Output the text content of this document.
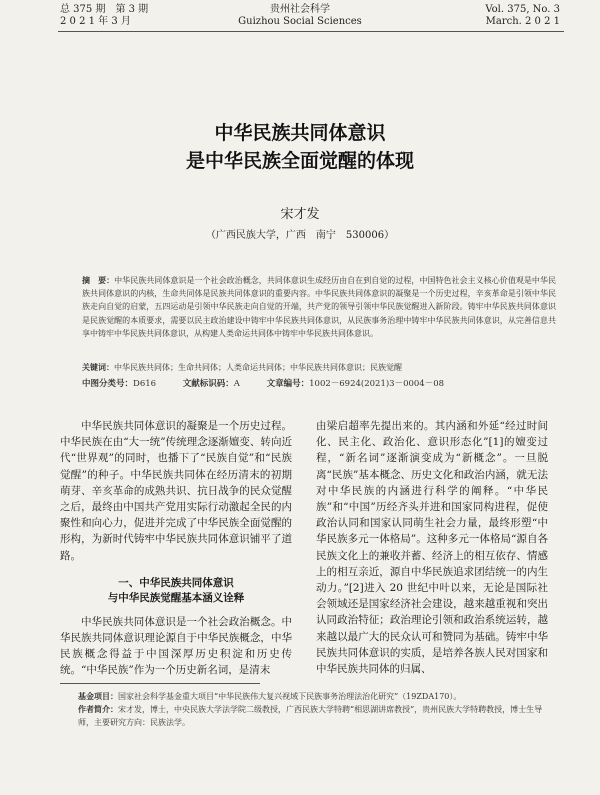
总 375 期　第 3 期
2 0 2 1 年 3 月
贵州社会科学
Guizhou Social Sciences
Vol. 375, No. 3
March. 2 0 2 1
中华民族共同体意识
是中华民族全面觉醒的体现
宋才发
（广西民族大学，广西　南宁　530006）

摘　要：中华民族共同体意识是一个社会政治概念，共同体意识生成经历由自在到自觉的过程，中国特色社会主义核心价值观是中华民族共同体意识的内核，生命共同体是民族共同体意识的重要内容。中华民族共同体意识的凝聚是一个历史过程，辛亥革命是引领中华民族走向自觉的启蒙，五四运动是引领中华民族走向自觉的开端，共产党的领导引领中华民族觉醒进入新阶段。铸牢中华民族共同体意识是民族觉醒的本质要求，需要以民主政治建设中铸牢中华民族共同体意识，从民族事务治理中铸牢中华民族共同体意识，从完善信息共享中铸牢中华民族共同体意识，从构建人类命运共同体中铸牢中华民族共同体意识。

关键词：中华民族共同体；生命共同体；人类命运共同体；中华民族共同体意识；民族觉醒
中图分类号：D616	文献标识码：A	文章编号：1002－6924(2021)3－0004－08

中华民族共同体意识的凝聚是一个历史过程。中华民族在由“大一统”传统理念逐渐嬗变、转向近代“世界观”的同时，也播下了“民族自觉”和“民族觉醒”的种子。中华民族共同体在经历清末的初期萌芽、辛亥革命的成熟共识、抗日战争的民众觉醒之后，最终由中国共产党用实际行动激起全民的内聚性和向心力，促进并完成了中华民族全面觉醒的形构，为新时代铸牢中华民族共同体意识铺平了道路。

一、中华民族共同体意识
与中华民族觉醒基本涵义诠释

中华民族共同体意识是一个社会政治概念。中华民族共同体意识理论源自于中华民族概念，中华民族概念得益于中国深厚历史积淀和历史传统。“中华民族”作为一个历史新名词，是清末

由梁启超率先提出来的。其内涵和外延“经过时间化、民主化、政治化、意识形态化”[1]的嬗变过程，“新名词”逐渐演变成为“新概念”。一旦脱离“民族”基本概念、历史文化和政治内涵，就无法对中华民族的内涵进行科学的阐释。“中华民族”和“中国”历经齐头并进和国家同构进程，促使政治认同和国家认同萌生社会力量，最终形塑“中华民族多元一体格局”。这种多元一体格局“源自各民族文化上的兼收并蓄、经济上的相互依存、情感上的相互亲近，源自中华民族追求团结统一的内生动力。”[2]进入 20 世纪中叶以来，无论是国际社会领域还是国家经济社会建设，越来越重视和突出认同政治特征；政治理论引领和政治系统运转，越来越以最广大的民众认可和赞同为基础。铸牢中华民族共同体意识的实质，是培养各族人民对国家和中华民族共同体的归属、

基金项目：国家社会科学基金重大项目“中华民族伟大复兴视域下民族事务治理法治化研究”（19ZDA170）。

作者简介：宋才发，博士，中央民族大学法学院二级教授，广西民族大学特聘“相思湖讲席教授”，贵州民族大学特聘教授，博士生导师，主要研究方向：民族法学。
